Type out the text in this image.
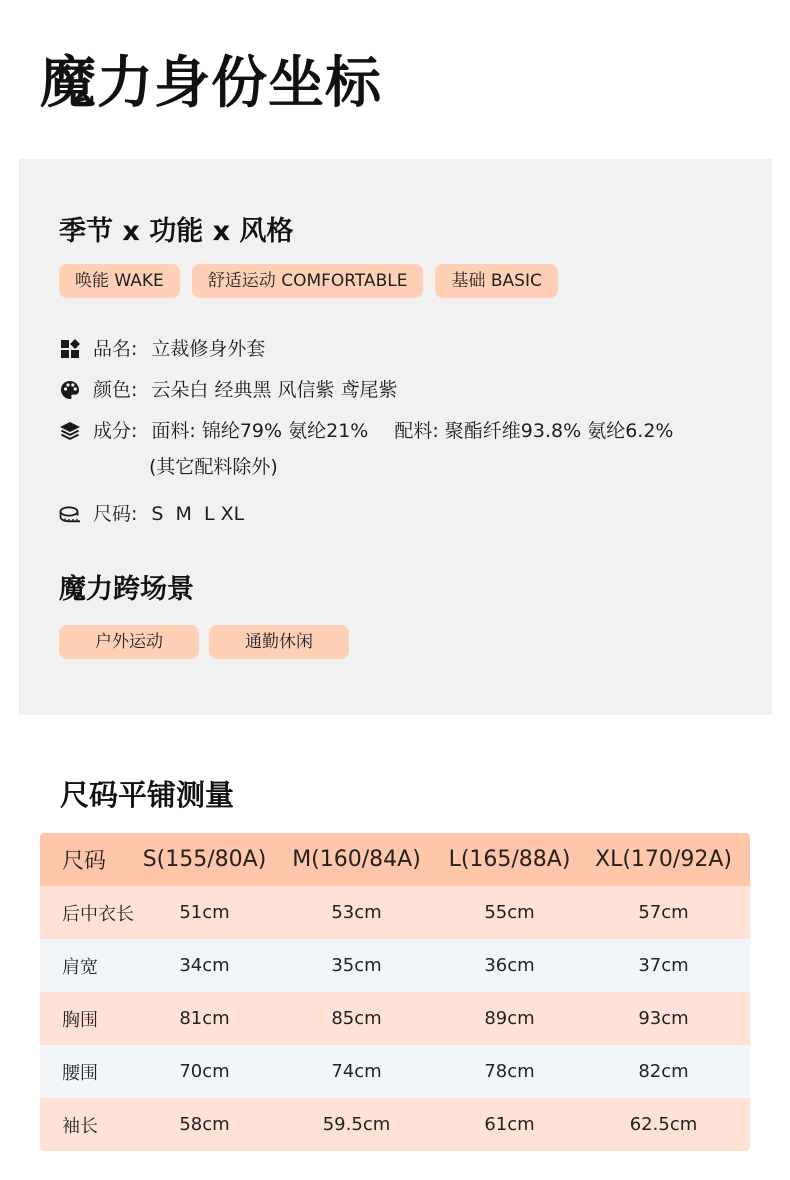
魔力身份坐标
季节 x 功能 x 风格
唤能 WAKE	舒适运动 COMFORTABLE	基础 BASIC
品名: 立裁修身外套
颜色: 云朵白 经典黑 风信紫 鸢尾紫
成分: 面料: 锦纶79% 氨纶21% 配料: 聚酯纤维93.8% 氨纶6.2%
(其它配料除外)
尺码: S  M  L XL
魔力跨场景
户外运动	通勤休闲
尺码平铺测量
尺码	S(155/80A)	M(160/84A)	L(165/88A)	XL(170/92A)
后中衣长	51cm	53cm	55cm	57cm
肩宽	34cm	35cm	36cm	37cm
胸围	81cm	85cm	89cm	93cm
腰围	70cm	74cm	78cm	82cm
袖长	58cm	59.5cm	61cm	62.5cm
